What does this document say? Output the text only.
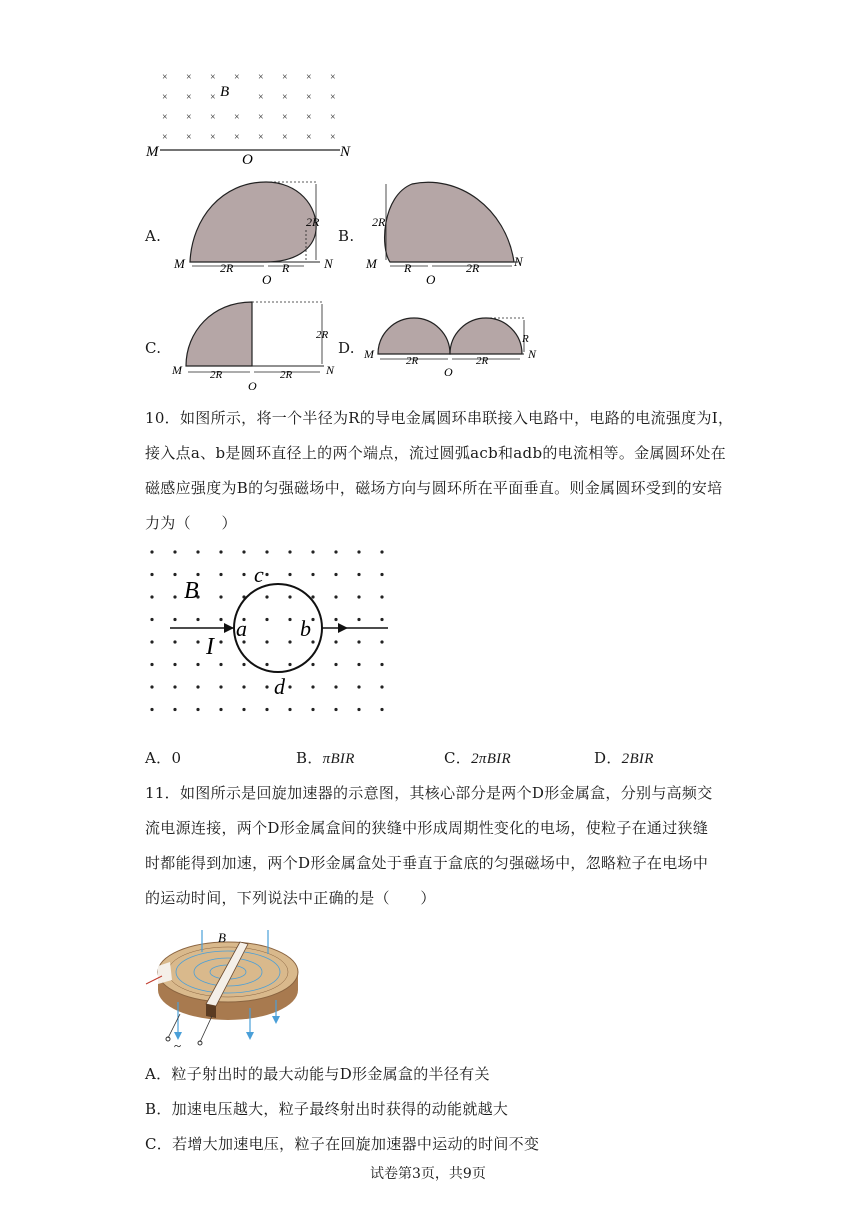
× × × × × × × ×
× × ×	× × × ×
× × × × × × × ×
× × × × × × × ×
B
M	O	N
A.
2R
M	N
2R	R
O
B.
2R
M	N
R	2R
O
C.
2R
M	N
2R	2R
O
D.	R
M	N
2R	2R
O
10．如图所示，将一个半径为R的导电金属圆环串联接入电路中，电路的电流强度为I，
接入点a、b是圆环直径上的两个端点，流过圆弧acb和adb的电流相等。金属圆环处在
磁感应强度为B的匀强磁场中，磁场方向与圆环所在平面垂直。则金属圆环受到的安培
力为（　　）
B
I
a b
c
d
A．0	B．πBIR	C．2πBIR	D．2BIR
11．如图所示是回旋加速器的示意图，其核心部分是两个D形金属盒，分别与高频交
流电源连接，两个D形金属盒间的狭缝中形成周期性变化的电场，使粒子在通过狭缝
时都能得到加速，两个D形金属盒处于垂直于盒底的匀强磁场中，忽略粒子在电场中
的运动时间，下列说法中正确的是（　　）
B
~
A．粒子射出时的最大动能与D形金属盒的半径有关
B．加速电压越大，粒子最终射出时获得的动能就越大
C．若增大加速电压，粒子在回旋加速器中运动的时间不变
试卷第3页，共9页
